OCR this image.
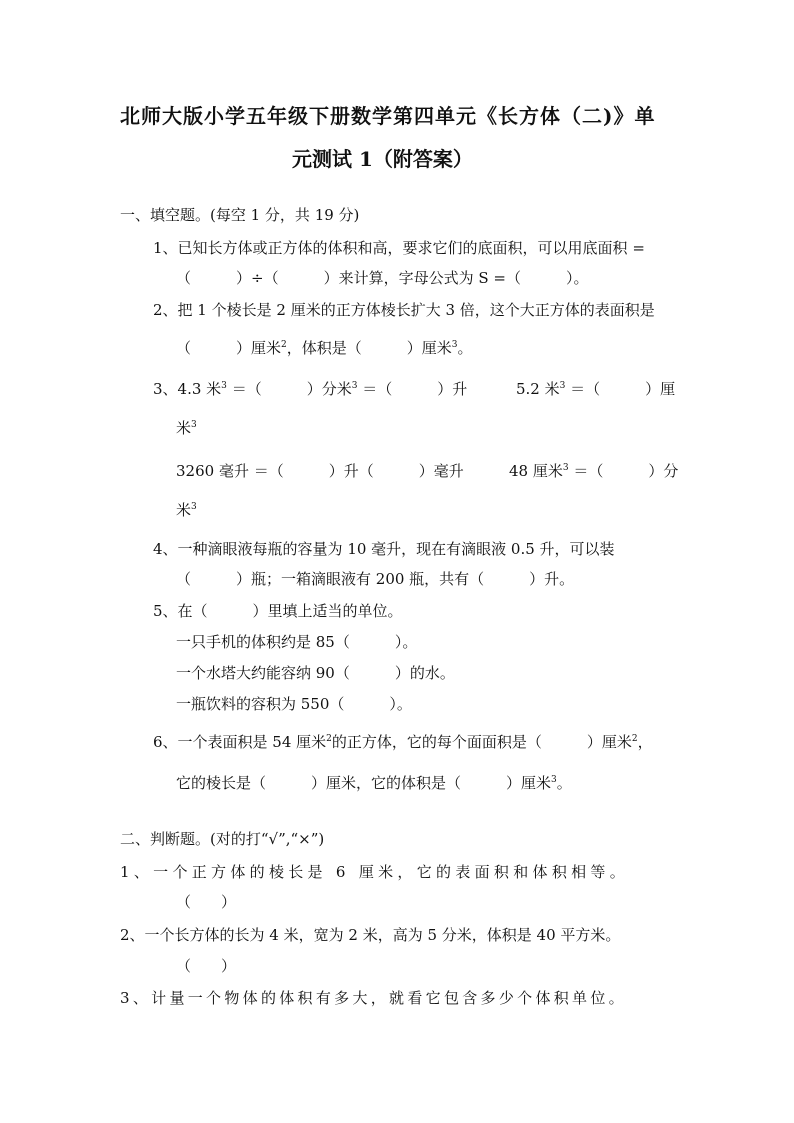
北师大版小学五年级下册数学第四单元《长方体（二)》单
元测试 1（附答案）
一、填空题。(每空 1 分，共 19 分)
1、已知长方体或正方体的体积和高，要求它们的底面积，可以用底面积 =
（　　　）÷（　　　）来计算，字母公式为 S =（　　　）。
2、把 1 个棱长是 2 厘米的正方体棱长扩大 3 倍，这个大正方体的表面积是
（　　　）厘米$^2$，体积是（　　　）厘米$^3$。
3、4.3 米$^3$ ＝（　　　）分米$^3$ ＝（　　　）升	5.2 米$^3$ ＝（　　　）厘
米$^3$
3260 毫升 ＝（　　　）升（　　　）毫升	48 厘米$^3$ ＝（　　　）分
米$^3$
4、一种滴眼液每瓶的容量为 10 毫升，现在有滴眼液 0.5 升，可以装
（　　　）瓶；一箱滴眼液有 200 瓶，共有（　　　）升。
5、在（　　　）里填上适当的单位。
一只手机的体积约是 85（　　　）。
一个水塔大约能容纳 90（　　　）的水。
一瓶饮料的容积为 550（　　　）。
6、一个表面积是 54 厘米$^2$的正方体，它的每个面面积是（　　　）厘米$^2$，
它的棱长是（　　　）厘米，它的体积是（　　　）厘米$^3$。
二、判断题。(对的打“√”,“×”)
1、一个正方体的棱长是 6 厘米，它的表面积和体积相等。
（　　）
2、一个长方体的长为 4 米，宽为 2 米，高为 5 分米，体积是 40 平方米。
（　　）
3、计量一个物体的体积有多大，就看它包含多少个体积单位。
